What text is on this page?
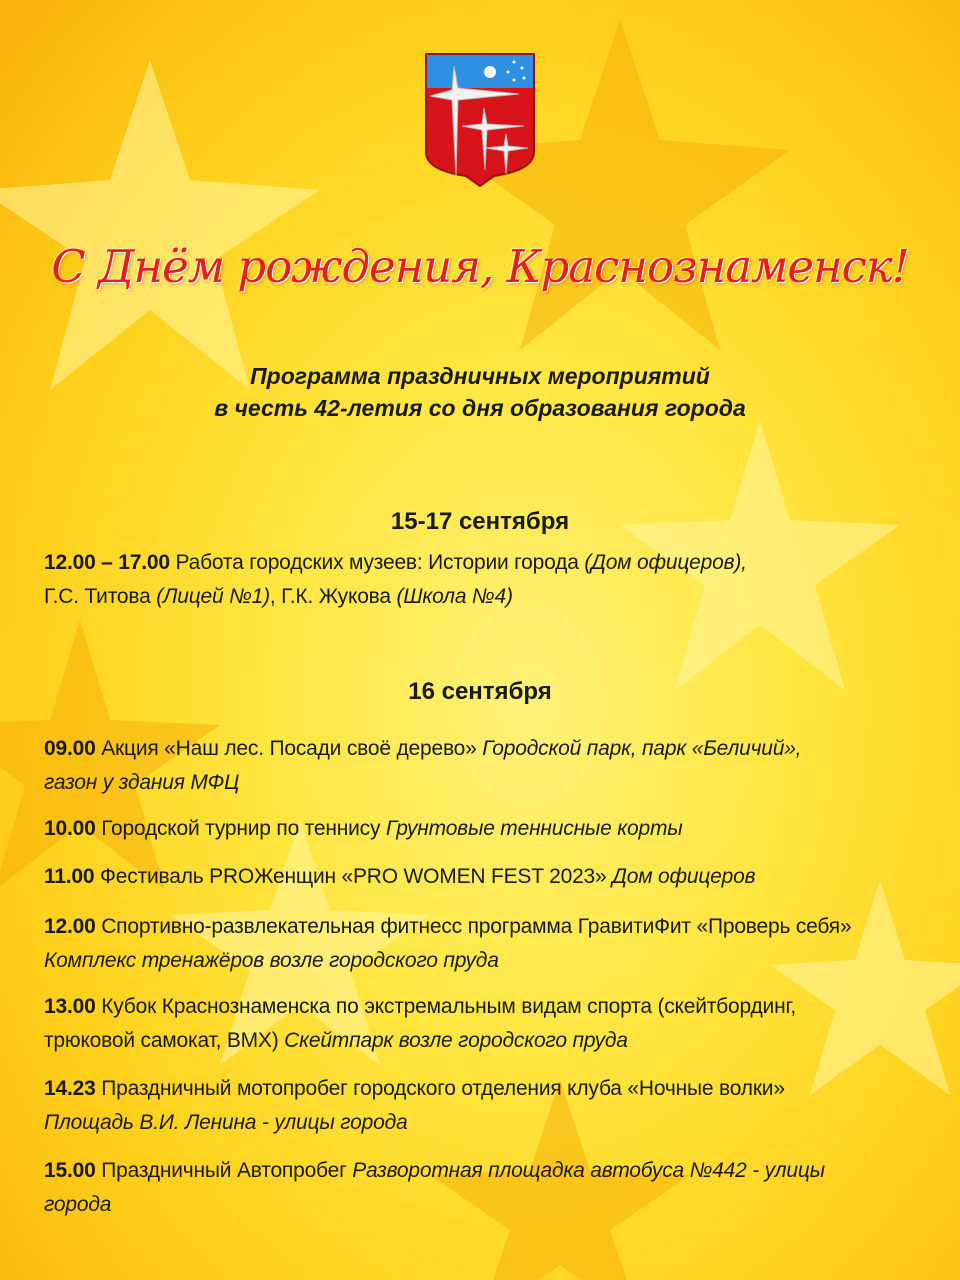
С Днём рождения, Краснознаменск!
Программа праздничных мероприятий
в честь 42-летия со дня образования города
15-17 сентября
12.00 – 17.00 Работа городских музеев: Истории города (Дом офицеров),
Г.С. Титова (Лицей №1), Г.К. Жукова (Школа №4)
16 сентября
09.00 Акция «Наш лес. Посади своё дерево» Городской парк, парк «Беличий»,
газон у здания МФЦ
10.00 Городской турнир по теннису Грунтовые теннисные корты
11.00 Фестиваль PROЖенщин «PRO WOMEN FEST 2023» Дом офицеров
12.00 Спортивно-развлекательная фитнесс программа ГравитиФит «Проверь себя»
Комплекс тренажёров возле городского пруда
13.00 Кубок Краснознаменска по экстремальным видам спорта (скейтбординг,
трюковой самокат, BMX) Скейтпарк возле городского пруда
14.23 Праздничный мотопробег городского отделения клуба «Ночные волки»
Площадь В.И. Ленина - улицы города
15.00 Праздничный Автопробег Разворотная площадка автобуса №442 - улицы
города
